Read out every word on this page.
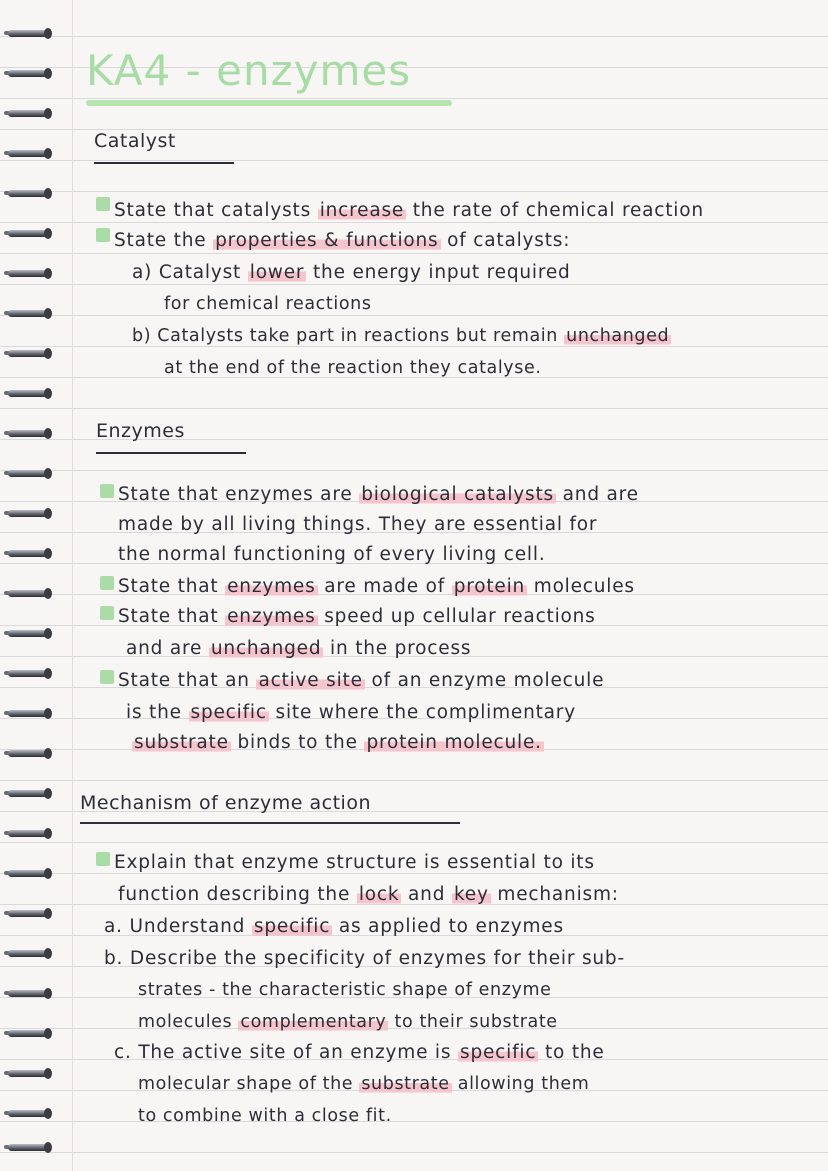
KA4 - enzymes
Catalyst
State that catalysts increase the rate of chemical reaction
State the properties & functions of catalysts:
a) Catalyst lower the energy input required
for chemical reactions
b) Catalysts take part in reactions but remain unchanged
at the end of the reaction they catalyse.
Enzymes
State that enzymes are biological catalysts and are
made by all living things. They are essential for
the normal functioning of every living cell.
State that enzymes are made of protein molecules
State that enzymes speed up cellular reactions
and are unchanged in the process
State that an active site of an enzyme molecule
is the specific site where the complimentary
substrate binds to the protein molecule.
Mechanism of enzyme action
Explain that enzyme structure is essential to its
function describing the lock and key mechanism:
a. Understand specific as applied to enzymes
b. Describe the specificity of enzymes for their sub-
strates - the characteristic shape of enzyme
molecules complementary to their substrate
c. The active site of an enzyme is specific to the
molecular shape of the substrate allowing them
to combine with a close fit.
